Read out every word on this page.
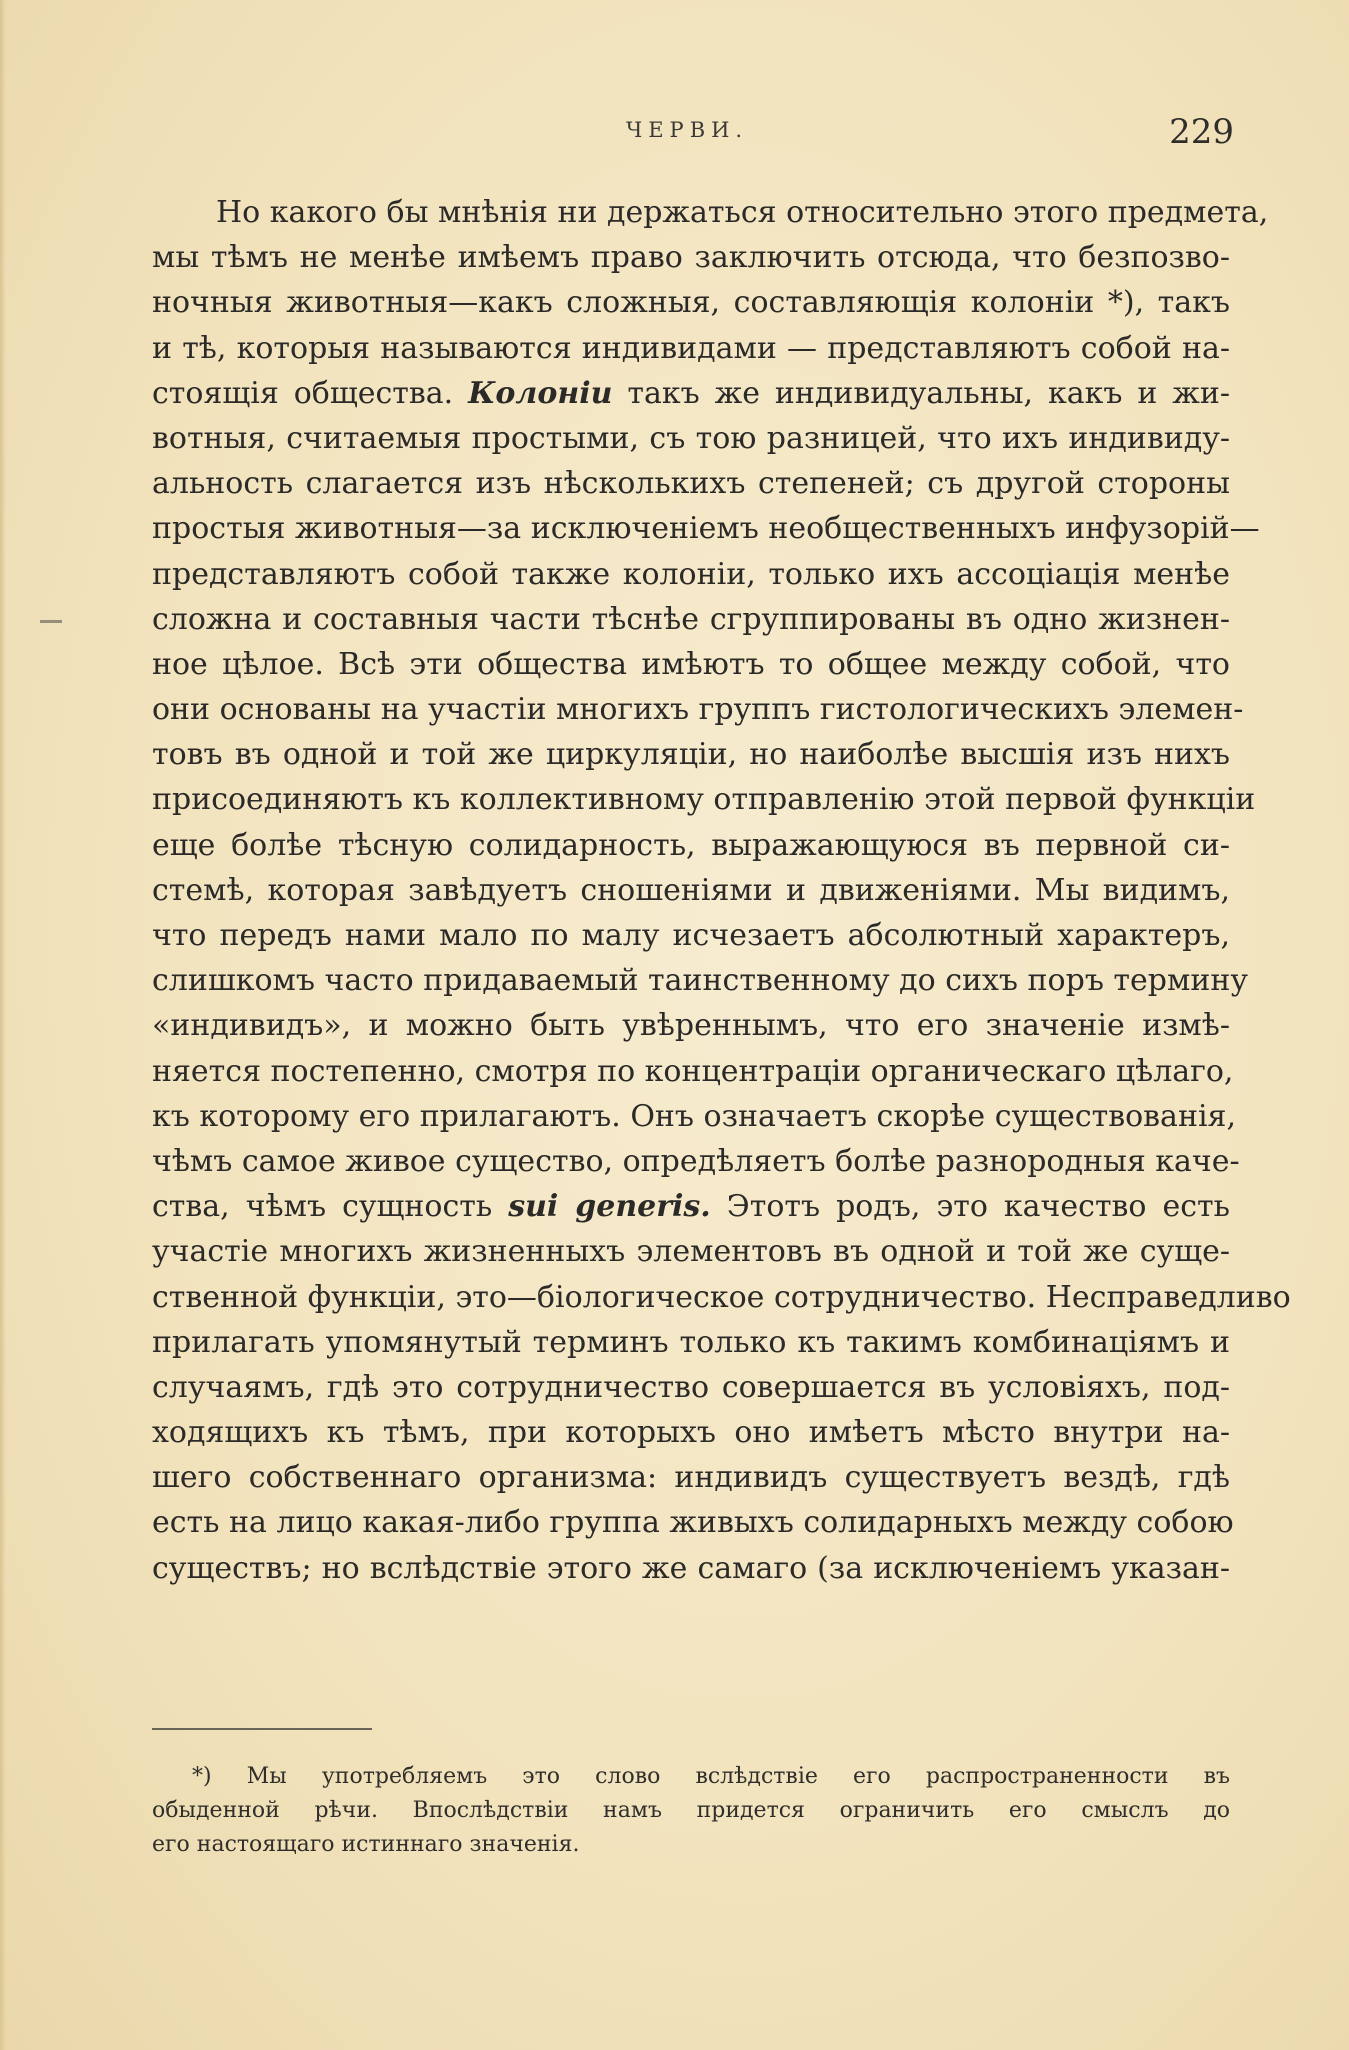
ЧЕРВИ.	229
Но какого бы мнѣнія ни держаться относительно этого предмета,
мы тѣмъ не менѣе имѣемъ право заключить отсюда, что безпозво-
ночныя животныя—какъ сложныя, составляющія колоніи *), такъ
и тѣ, которыя называются индивидами — представляютъ собой на-
стоящія общества. Колоніи такъ же индивидуальны, какъ и жи-
вотныя, считаемыя простыми, съ тою разницей, что ихъ индивиду-
альность слагается изъ нѣсколькихъ степеней; съ другой стороны
простыя животныя—за исключеніемъ необщественныхъ инфузорій—
представляютъ собой также колоніи, только ихъ ассоціація менѣе
сложна и составныя части тѣснѣе сгруппированы въ одно жизнен-
ное цѣлое. Всѣ эти общества имѣютъ то общее между собой, что
они основаны на участіи многихъ группъ гистологическихъ элемен-
товъ въ одной и той же циркуляціи, но наиболѣе высшія изъ нихъ
присоединяютъ къ коллективному отправленію этой первой функціи
еще болѣе тѣсную солидарность, выражающуюся въ первной си-
стемѣ, которая завѣдуетъ сношеніями и движеніями. Мы видимъ,
что передъ нами мало по малу исчезаетъ абсолютный характеръ,
слишкомъ часто придаваемый таинственному до сихъ поръ термину
«индивидъ», и можно быть увѣреннымъ, что его значеніе измѣ-
няется постепенно, смотря по концентраціи органическаго цѣлаго,
къ которому его прилагаютъ. Онъ означаетъ скорѣе существованія,
чѣмъ самое живое существо, опредѣляетъ болѣе разнородныя каче-
ства, чѣмъ сущность sui generis. Этотъ родъ, это качество есть
участіе многихъ жизненныхъ элементовъ въ одной и той же суще-
ственной функціи, это—біологическое сотрудничество. Несправедливо
прилагать упомянутый терминъ только къ такимъ комбинаціямъ и
случаямъ, гдѣ это сотрудничество совершается въ условіяхъ, под-
ходящихъ къ тѣмъ, при которыхъ оно имѣетъ мѣсто внутри на-
шего собственнаго организма: индивидъ существуетъ вездѣ, гдѣ
есть на лицо какая-либо группа живыхъ солидарныхъ между собою
существъ; но вслѣдствіе этого же самаго (за исключеніемъ указан-
*) Мы употребляемъ это слово вслѣдствіе его распространенности въ
обыденной рѣчи. Впослѣдствіи намъ придется ограничить его смыслъ до
его настоящаго истиннаго значенія.
